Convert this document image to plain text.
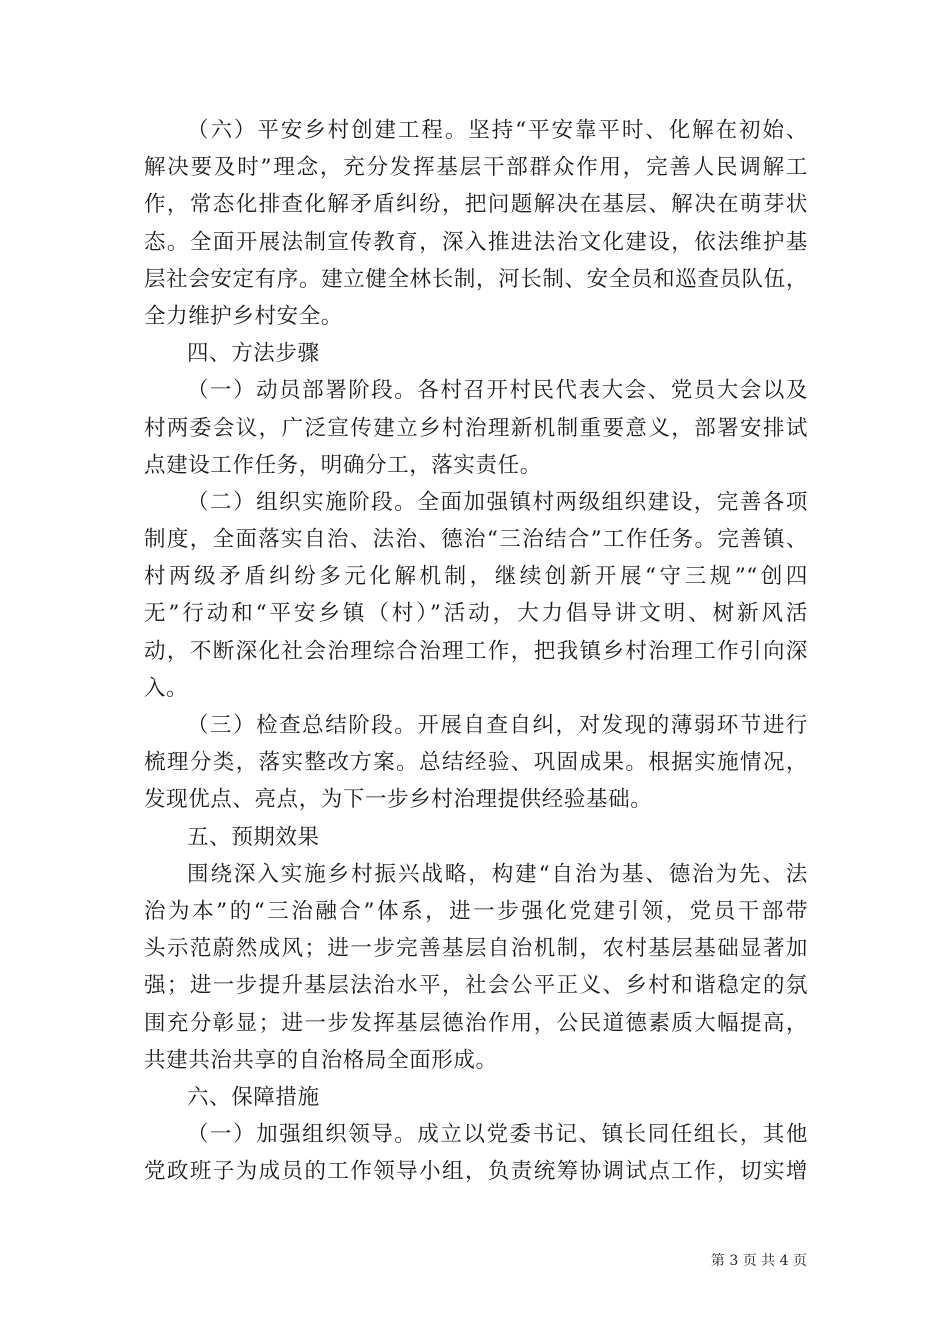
（六）平安乡村创建工程。坚持“平安靠平时、化解在初始、
解决要及时”理念，充分发挥基层干部群众作用，完善人民调解工
作，常态化排查化解矛盾纠纷，把问题解决在基层、解决在萌芽状
态。全面开展法制宣传教育，深入推进法治文化建设，依法维护基
层社会安定有序。建立健全林长制，河长制、安全员和巡查员队伍，
全力维护乡村安全。
四、方法步骤
（一）动员部署阶段。各村召开村民代表大会、党员大会以及
村两委会议，广泛宣传建立乡村治理新机制重要意义，部署安排试
点建设工作任务，明确分工，落实责任。
（二）组织实施阶段。全面加强镇村两级组织建设，完善各项
制度，全面落实自治、法治、德治“三治结合”工作任务。完善镇、
村两级矛盾纠纷多元化解机制，继续创新开展“守三规”“创四
无”行动和“平安乡镇（村）”活动，大力倡导讲文明、树新风活
动，不断深化社会治理综合治理工作，把我镇乡村治理工作引向深
入。
（三）检查总结阶段。开展自查自纠，对发现的薄弱环节进行
梳理分类，落实整改方案。总结经验、巩固成果。根据实施情况，
发现优点、亮点，为下一步乡村治理提供经验基础。
五、预期效果
围绕深入实施乡村振兴战略，构建“自治为基、德治为先、法
治为本”的“三治融合”体系，进一步强化党建引领，党员干部带
头示范蔚然成风；进一步完善基层自治机制，农村基层基础显著加
强；进一步提升基层法治水平，社会公平正义、乡村和谐稳定的氛
围充分彰显；进一步发挥基层德治作用，公民道德素质大幅提高，
共建共治共享的自治格局全面形成。
六、保障措施
（一）加强组织领导。成立以党委书记、镇长同任组长，其他
党政班子为成员的工作领导小组，负责统筹协调试点工作，切实增
第 3 页 共 4 页
